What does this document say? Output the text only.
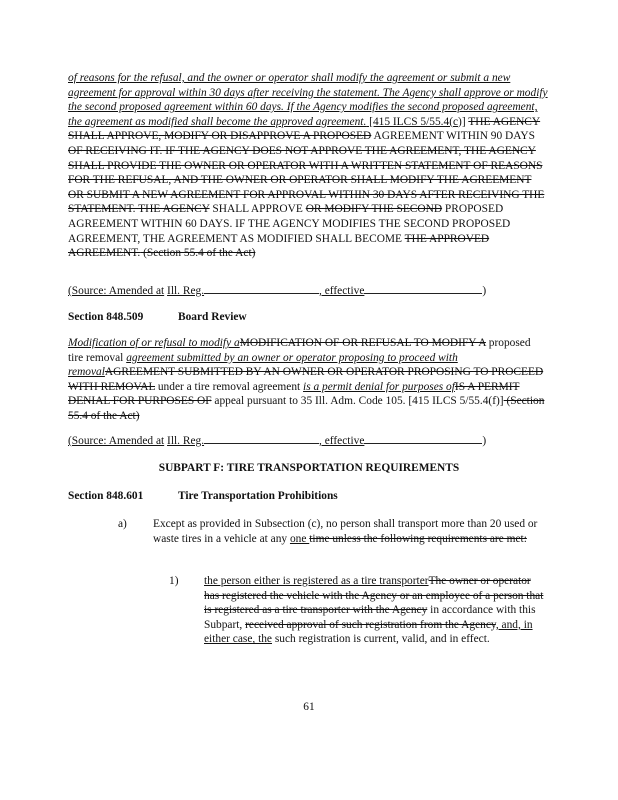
of reasons for the refusal, and the owner or operator shall modify the agreement or submit a new agreement for approval within 30 days after receiving the statement. The Agency shall approve or modify the second proposed agreement within 60 days. If the Agency modifies the second proposed agreement, the agreement as modified shall become the approved agreement. [415 ILCS 5/55.4(c)] THE AGENCY SHALL APPROVE, MODIFY OR DISAPPROVE A PROPOSED AGREEMENT WITHIN 90 DAYS OF RECEIVING IT. IF THE AGENCY DOES NOT APPROVE THE AGREEMENT, THE AGENCY SHALL PROVIDE THE OWNER OR OPERATOR WITH A WRITTEN STATEMENT OF REASONS FOR THE REFUSAL, AND THE OWNER OR OPERATOR SHALL MODIFY THE AGREEMENT OR SUBMIT A NEW AGREEMENT FOR APPROVAL WITHIN 30 DAYS AFTER RECEIVING THE STATEMENT. THE AGENCY SHALL APPROVE OR MODIFY THE SECOND PROPOSED AGREEMENT WITHIN 60 DAYS. IF THE AGENCY MODIFIES THE SECOND PROPOSED AGREEMENT, THE AGREEMENT AS MODIFIED SHALL BECOME THE APPROVED AGREEMENT. (Section 55.4 of the Act)
(Source: Amended at Ill. Reg.	, effective	)
Section 848.509	Board Review
Modification of or refusal to modify aMODIFICATION OF OR REFUSAL TO MODIFY A proposed tire removal agreement submitted by an owner or operator proposing to proceed with removalAGREEMENT SUBMITTED BY AN OWNER OR OPERATOR PROPOSING TO PROCEED WITH REMOVAL under a tire removal agreement is a permit denial for purposes ofIS A PERMIT DENIAL FOR PURPOSES OF appeal pursuant to 35 Ill. Adm. Code 105. [415 ILCS 5/55.4(f)] (Section 55.4 of the Act)
(Source: Amended at Ill. Reg.	, effective	)
SUBPART F: TIRE TRANSPORTATION REQUIREMENTS
Section 848.601	Tire Transportation Prohibitions
a) Except as provided in Subsection (c), no person shall transport more than 20 used or waste tires in a vehicle at any one time unless the following requirements are met:
1) the person either is registered as a tire transporterThe owner or operator has registered the vehicle with the Agency or an employee of a person that is registered as a tire transporter with the Agency in accordance with this Subpart, received approval of such registration from the Agency, and, in either case, the such registration is current, valid, and in effect.
61
